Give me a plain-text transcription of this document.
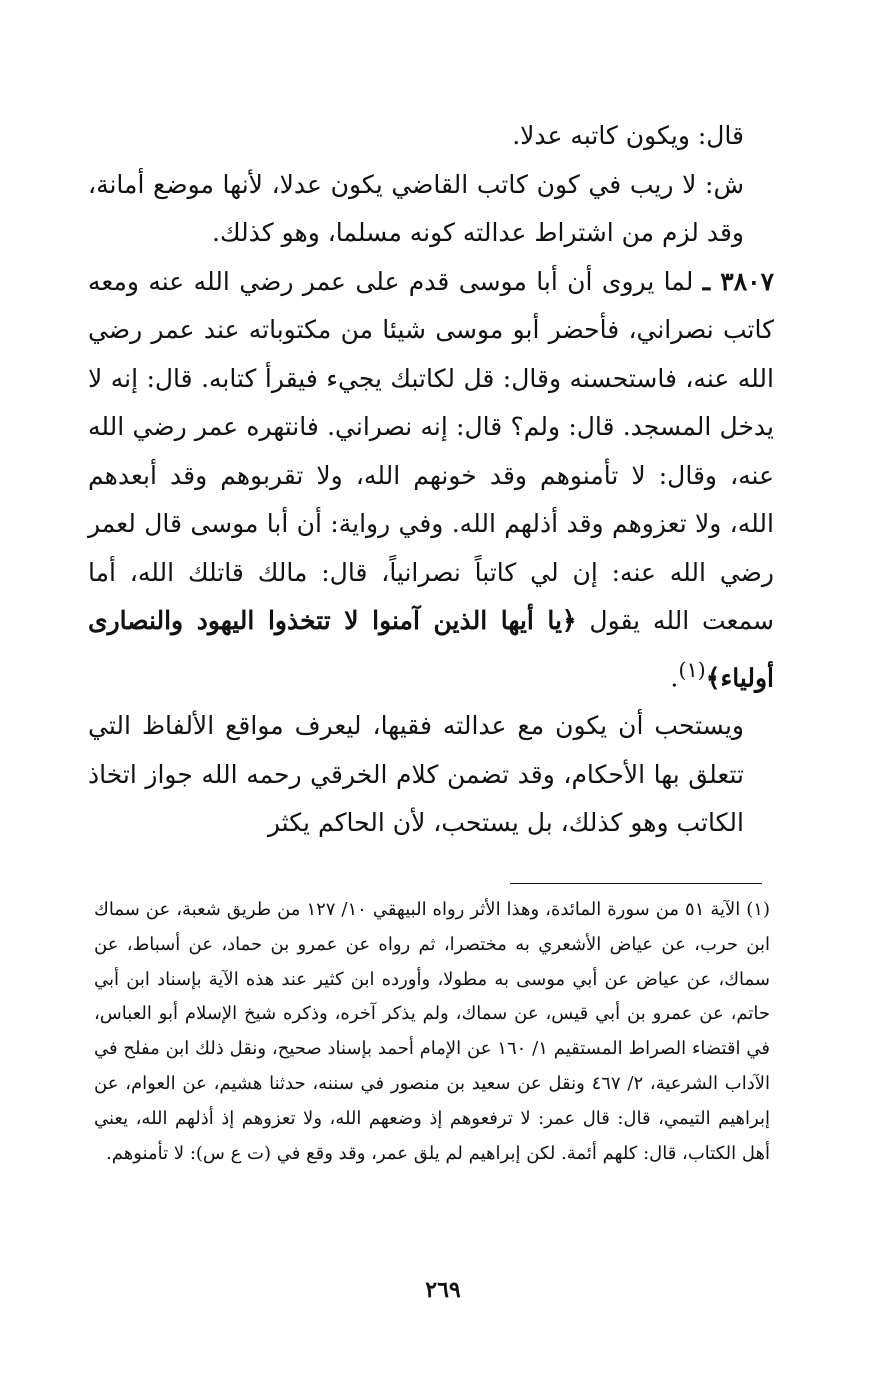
قال: ويكون كاتبه عدلا.

ش: لا ريب في كون كاتب القاضي يكون عدلا، لأنها موضع أمانة، وقد لزم من اشتراط عدالته كونه مسلما، وهو كذلك.

٣٨٠٧ ـ لما يروى أن أبا موسى قدم على عمر رضي الله عنه ومعه كاتب نصراني، فأحضر أبو موسى شيئا من مكتوباته عند عمر رضي الله عنه، فاستحسنه وقال: قل لكاتبك يجيء فيقرأ كتابه. قال: إنه لا يدخل المسجد. قال: ولم؟ قال: إنه نصراني. فانتهره عمر رضي الله عنه، وقال: لا تأمنوهم وقد خونهم الله، ولا تقربوهم وقد أبعدهم الله، ولا تعزوهم وقد أذلهم الله. وفي رواية: أن أبا موسى قال لعمر رضي الله عنه: إن لي كاتباً نصرانياً، قال: مالك قاتلك الله، أما سمعت الله يقول ﴿يا أيها الذين آمنوا لا تتخذوا اليهود والنصارى أولياء﴾$^{(١)}$.

ويستحب أن يكون مع عدالته فقيها، ليعرف مواقع الألفاظ التي تتعلق بها الأحكام، وقد تضمن كلام الخرقي رحمه الله جواز اتخاذ الكاتب وهو كذلك، بل يستحب، لأن الحاكم يكثر

(١) الآية ٥١ من سورة المائدة، وهذا الأثر رواه البيهقي ١٠/ ١٢٧ من طريق شعبة، عن سماك ابن حرب، عن عياض الأشعري به مختصرا، ثم رواه عن عمرو بن حماد، عن أسباط، عن سماك، عن عياض عن أبي موسى به مطولا، وأورده ابن كثير عند هذه الآية بإسناد ابن أبي حاتم، عن عمرو بن أبي قيس، عن سماك، ولم يذكر آخره، وذكره شيخ الإسلام أبو العباس، في اقتضاء الصراط المستقيم ١/ ١٦٠ عن الإمام أحمد بإسناد صحيح، ونقل ذلك ابن مفلح في الآداب الشرعية، ٢/ ٤٦٧ ونقل عن سعيد بن منصور في سننه، حدثنا هشيم، عن العوام، عن إبراهيم التيمي، قال: قال عمر: لا ترفعوهم إذ وضعهم الله، ولا تعزوهم إذ أذلهم الله، يعني أهل الكتاب، قال: كلهم أئمة. لكن إبراهيم لم يلق عمر، وقد وقع في (ت ع س): لا تأمنوهم.

٢٦٩
